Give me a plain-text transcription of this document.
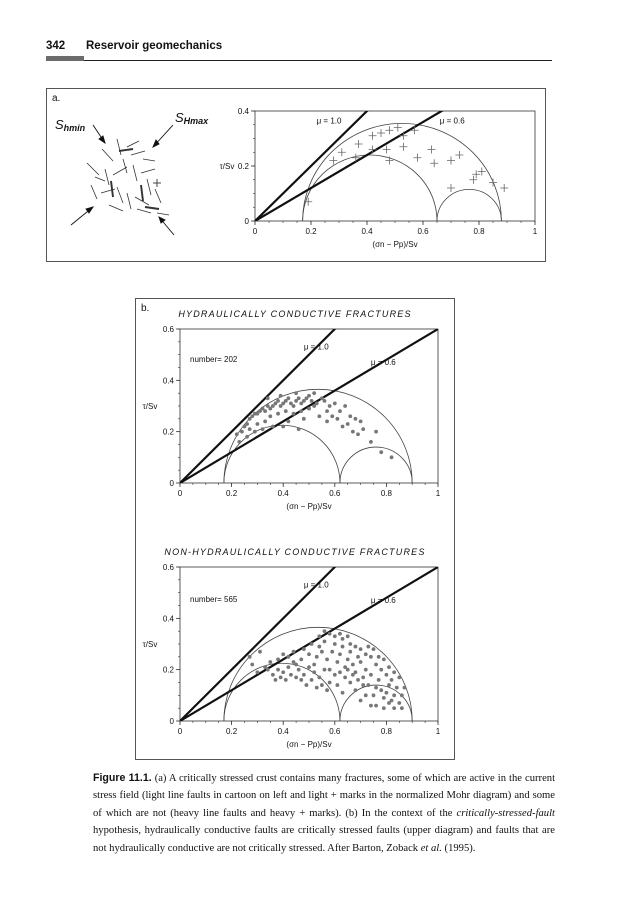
342 Reservoir geomechanics
a.
Shmin
SHmax	μ = 1.0	μ = 0.6
0	0.2	0.4	0.6	0.8	1
0
0.2
0.4
(σn − Pp)/Sv
τ/Sv
b.	HYDRAULICALLY CONDUCTIVE FRACTURES
μ = 1.0
μ = 0.6
0	0.2	0.4	0.6	0.8	1
0
0.2
0.4
0.6
(σn − Pp)/Sv
τ/Sv
number= 202
NON-HYDRAULICALLY CONDUCTIVE FRACTURES
μ = 1.0
μ = 0.6
0	0.2	0.4	0.6	0.8	1
0
0.2
0.4
0.6
(σn − Pp)/Sv
τ/Sv
number= 565
Figure 11.1. (a) A critically stressed crust contains many fractures, some of which are active in the current stress field (light line faults in cartoon on left and light + marks in the normalized Mohr diagram) and some of which are not (heavy line faults and heavy + marks). (b) In the context of the critically-stressed-fault hypothesis, hydraulically conductive faults are critically stressed faults (upper diagram) and faults that are not hydraulically conductive are not critically stressed. After Barton, Zoback et al. (1995).
